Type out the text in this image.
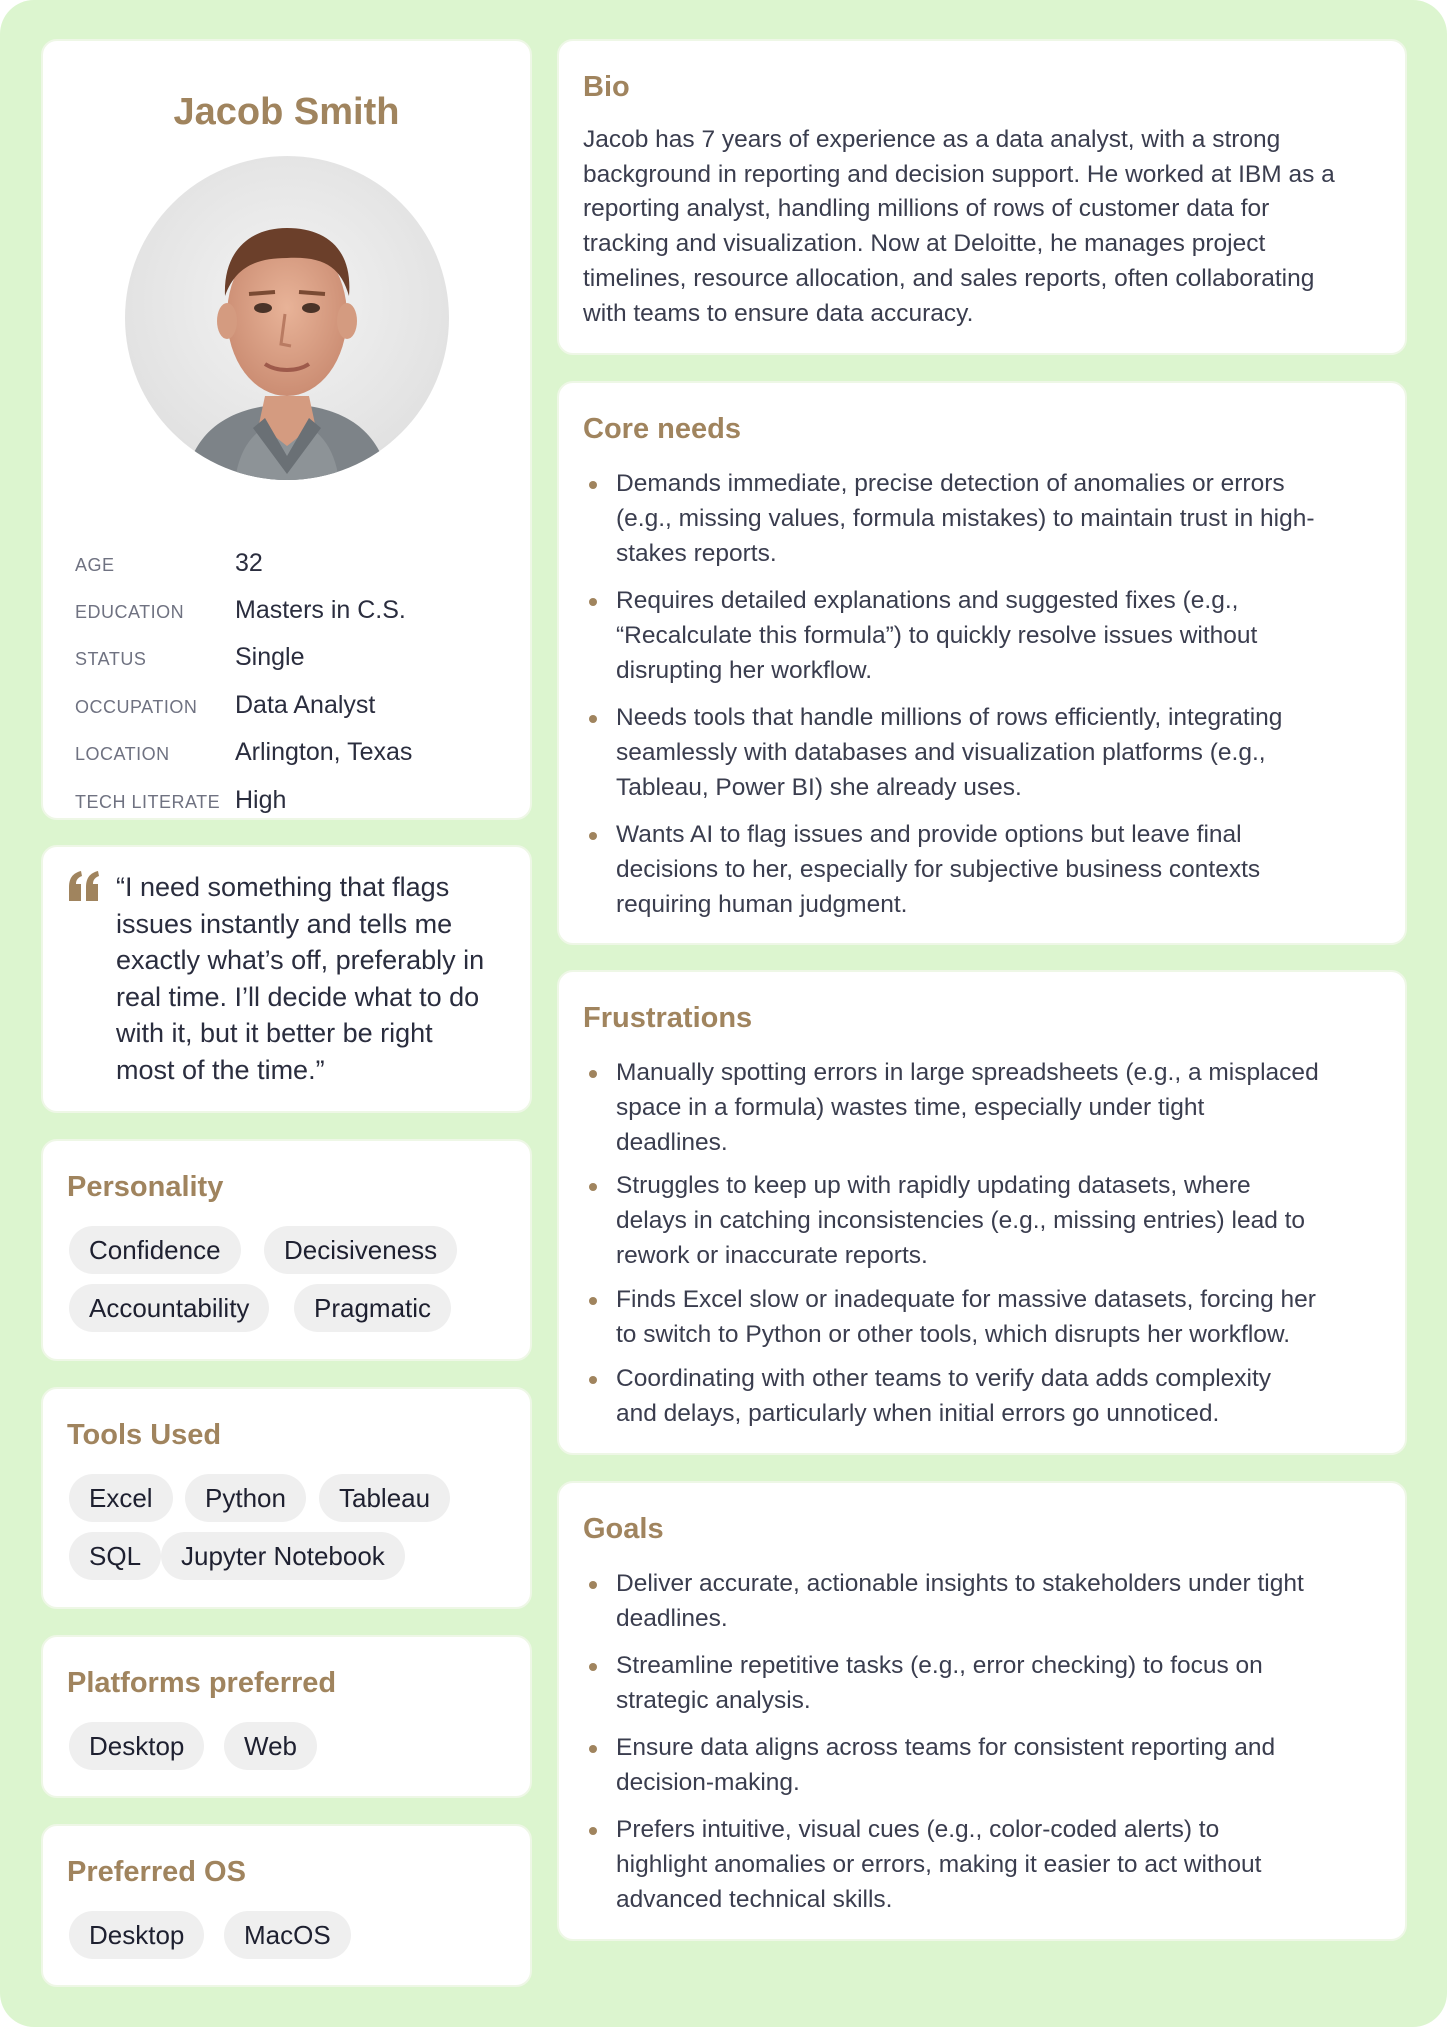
Jacob Smith
AGE	32
EDUCATION Masters in C.S.
STATUS	Single
OCCUPATION Data Analyst
LOCATION	Arlington, Texas
TECH LITERATE High
“I need something that flags
issues instantly and tells me
exactly what’s off, preferably in
real time. I’ll decide what to do
with it, but it better be right
most of the time.”
Personality
Confidence	Decisiveness
Accountability	Pragmatic
Tools Used
Excel	Python	Tableau
SQL	Jupyter Notebook
Platforms preferred
Desktop	Web
Preferred OS
Desktop	MacOS
Bio
Jacob has 7 years of experience as a data analyst, with a strong
background in reporting and decision support. He worked at IBM as a
reporting analyst, handling millions of rows of customer data for
tracking and visualization. Now at Deloitte, he manages project
timelines, resource allocation, and sales reports, often collaborating
with teams to ensure data accuracy.
Core needs
Demands immediate, precise detection of anomalies or errors
(e.g., missing values, formula mistakes) to maintain trust in high-
stakes reports.
Requires detailed explanations and suggested fixes (e.g.,
“Recalculate this formula”) to quickly resolve issues without
disrupting her workflow.
Needs tools that handle millions of rows efficiently, integrating
seamlessly with databases and visualization platforms (e.g.,
Tableau, Power BI) she already uses.
Wants AI to flag issues and provide options but leave final
decisions to her, especially for subjective business contexts
requiring human judgment.
Frustrations
Manually spotting errors in large spreadsheets (e.g., a misplaced
space in a formula) wastes time, especially under tight
deadlines.
Struggles to keep up with rapidly updating datasets, where
delays in catching inconsistencies (e.g., missing entries) lead to
rework or inaccurate reports.
Finds Excel slow or inadequate for massive datasets, forcing her
to switch to Python or other tools, which disrupts her workflow.
Coordinating with other teams to verify data adds complexity
and delays, particularly when initial errors go unnoticed.
Goals
Deliver accurate, actionable insights to stakeholders under tight
deadlines.
Streamline repetitive tasks (e.g., error checking) to focus on
strategic analysis.
Ensure data aligns across teams for consistent reporting and
decision-making.
Prefers intuitive, visual cues (e.g., color-coded alerts) to
highlight anomalies or errors, making it easier to act without
advanced technical skills.
